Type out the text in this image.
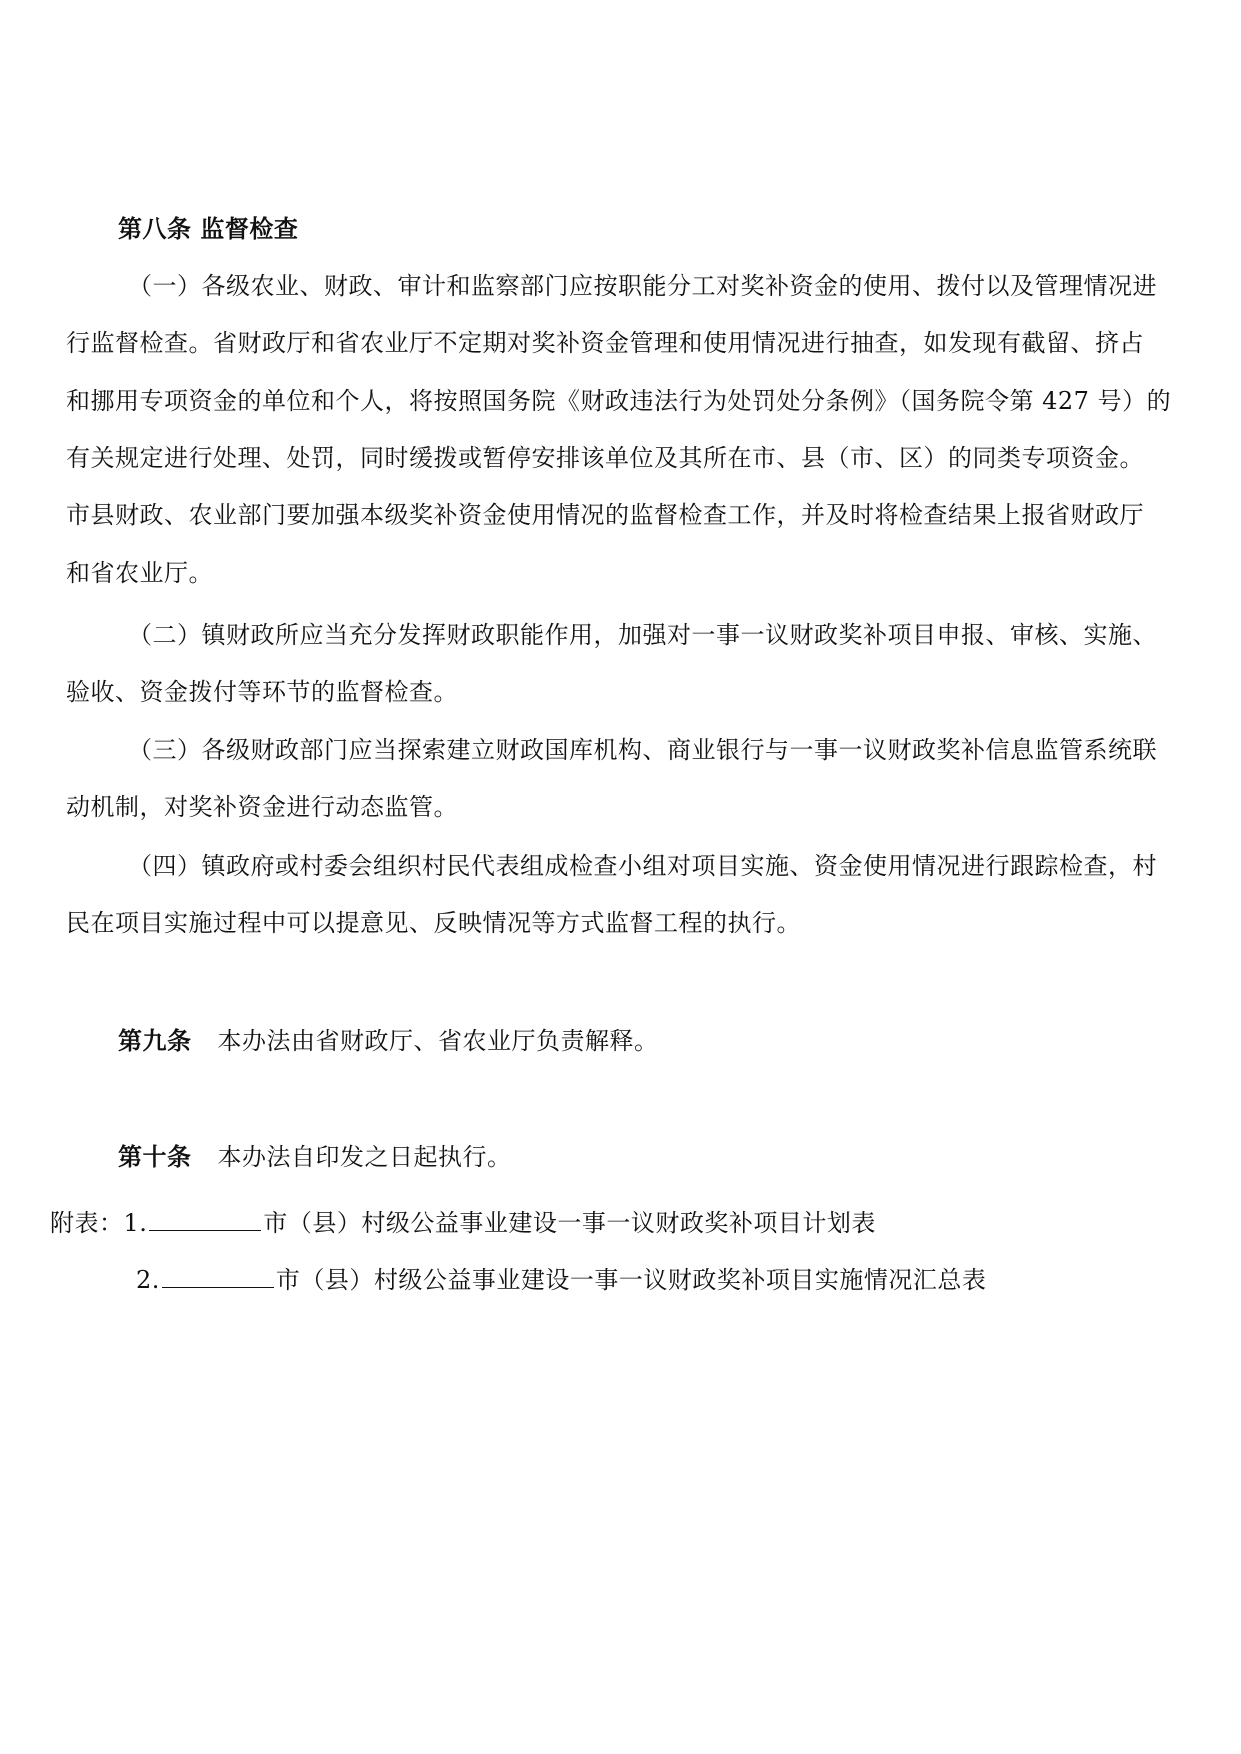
第八条 监督检查
（一）各级农业、财政、审计和监察部门应按职能分工对奖补资金的使用、拨付以及管理情况进
行监督检查。省财政厅和省农业厅不定期对奖补资金管理和使用情况进行抽查，如发现有截留、挤占
和挪用专项资金的单位和个人，将按照国务院《财政违法行为处罚处分条例》（国务院令第 427 号）的
有关规定进行处理、处罚，同时缓拨或暂停安排该单位及其所在市、县（市、区）的同类专项资金。
市县财政、农业部门要加强本级奖补资金使用情况的监督检查工作，并及时将检查结果上报省财政厅
和省农业厅。
（二）镇财政所应当充分发挥财政职能作用，加强对一事一议财政奖补项目申报、审核、实施、
验收、资金拨付等环节的监督检查。
（三）各级财政部门应当探索建立财政国库机构、商业银行与一事一议财政奖补信息监管系统联
动机制，对奖补资金进行动态监管。
（四）镇政府或村委会组织村民代表组成检查小组对项目实施、资金使用情况进行跟踪检查，村
民在项目实施过程中可以提意见、反映情况等方式监督工程的执行。
第九条 本办法由省财政厅、省农业厅负责解释。
第十条 本办法自印发之日起执行。
附表：1.	市（县）村级公益事业建设一事一议财政奖补项目计划表
2.	市（县）村级公益事业建设一事一议财政奖补项目实施情况汇总表
